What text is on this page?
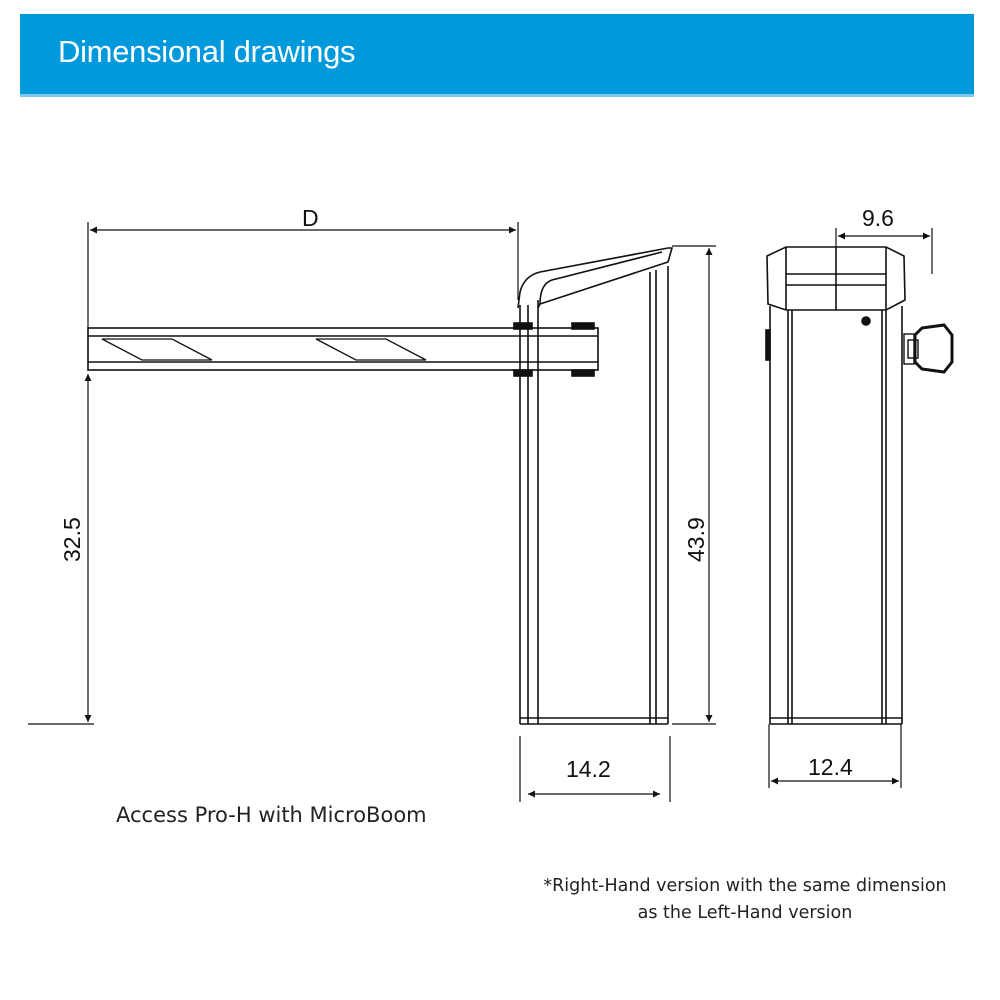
Dimensional drawings
D
32.5	43.9
14.2
9.6
12.4
Access Pro-H with MicroBoom
*Right-Hand version with the same dimension
as the Left-Hand version
